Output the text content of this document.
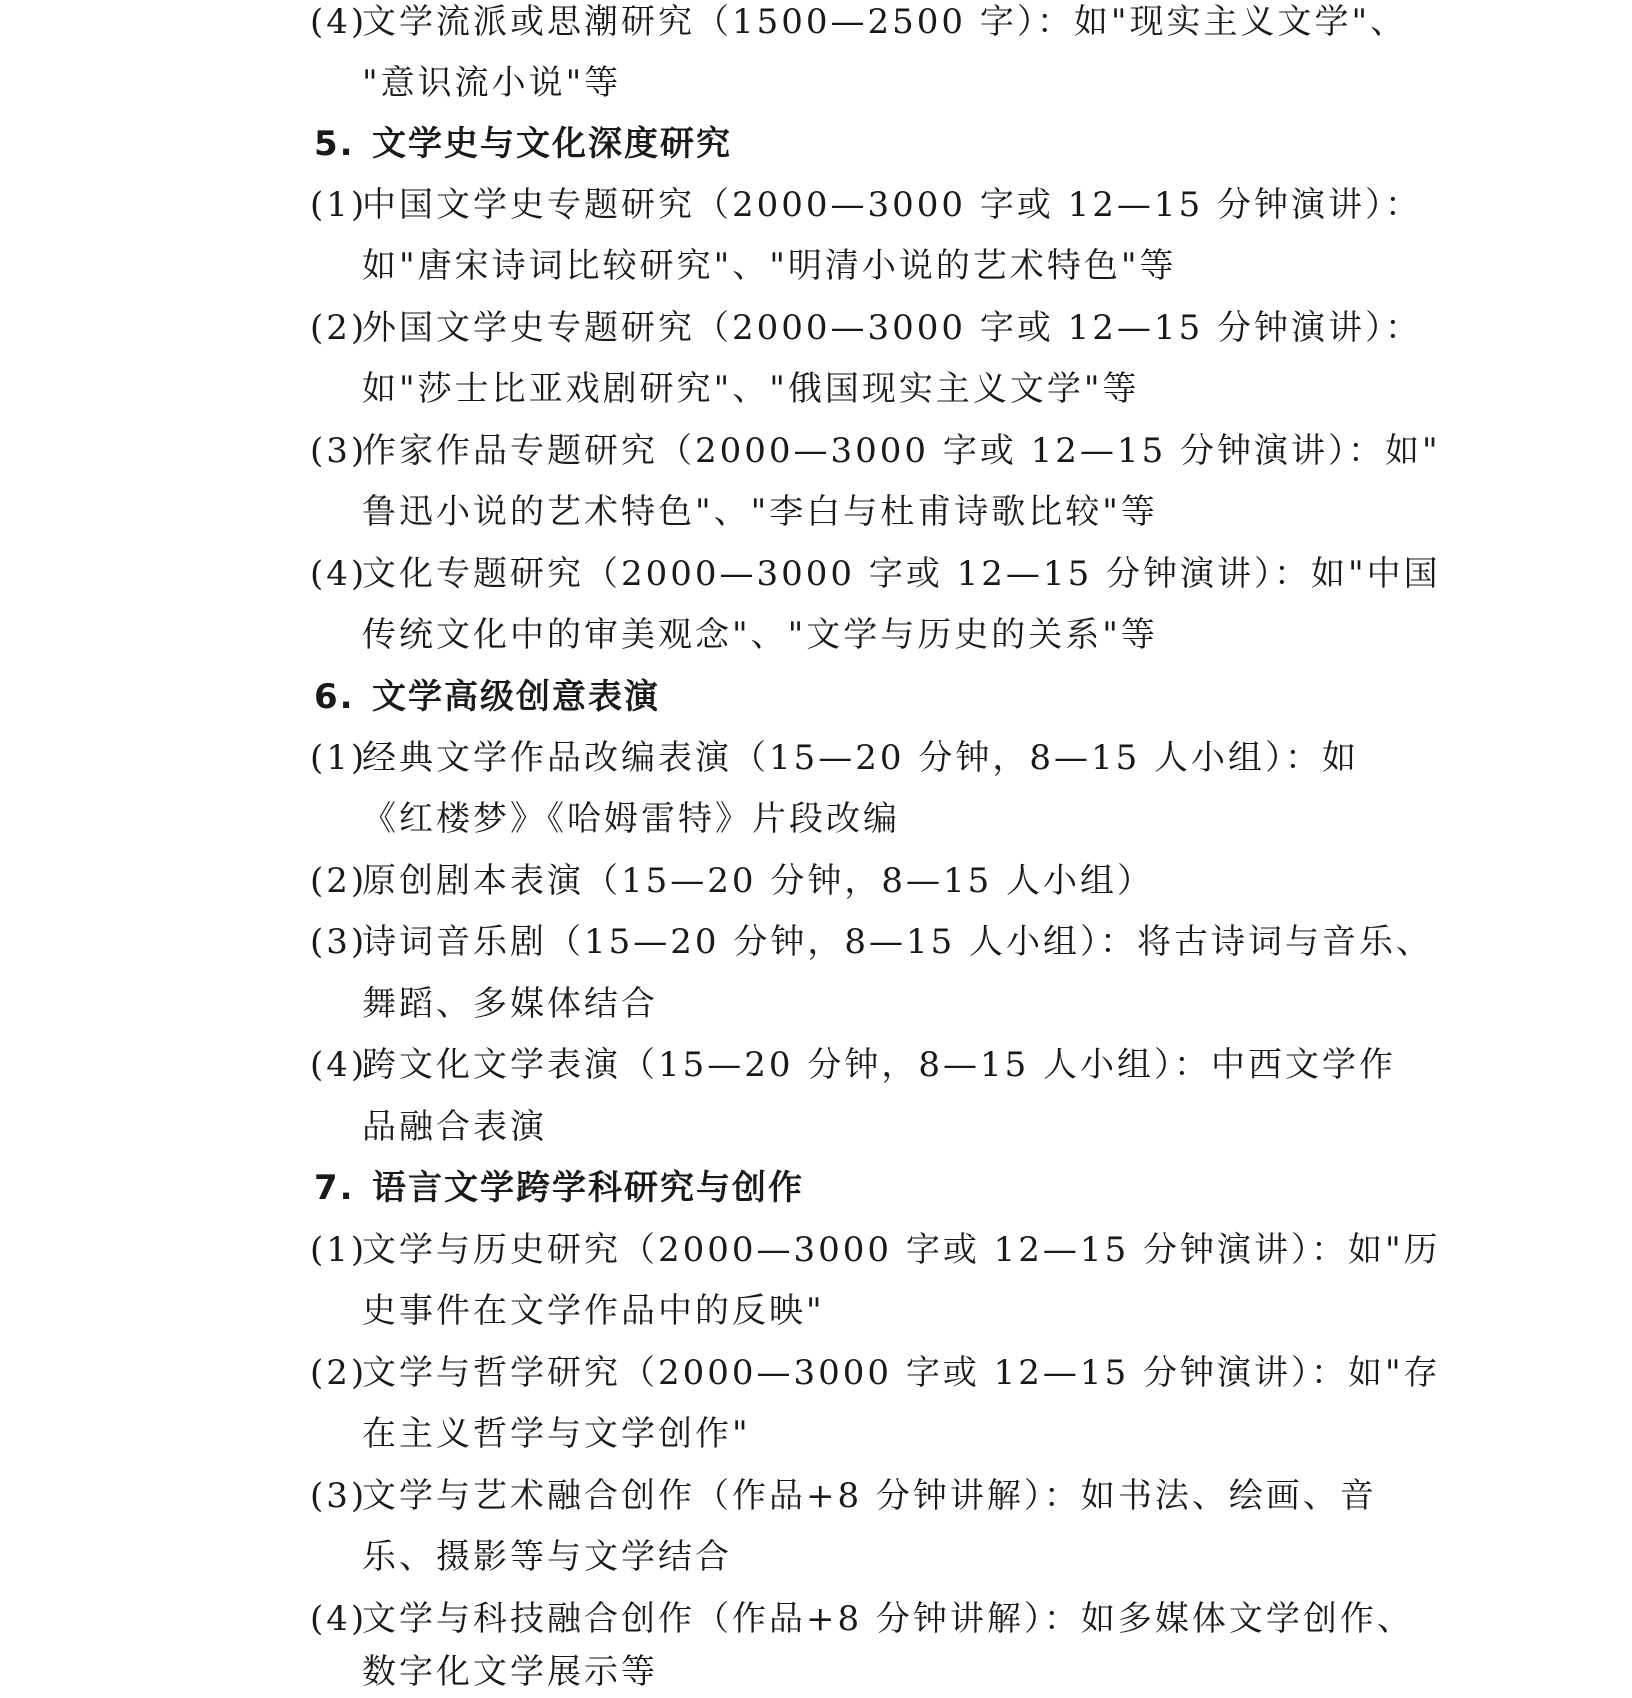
(4)
文学流派或思潮研究（1500—2500 字）：如"现实主义文学"、
"意识流小说"等
5. 文学史与文化深度研究
(1)
中国文学史专题研究（2000—3000 字或 12—15 分钟演讲）：
如"唐宋诗词比较研究"、"明清小说的艺术特色"等
(2)
外国文学史专题研究（2000—3000 字或 12—15 分钟演讲）：
如"莎士比亚戏剧研究"、"俄国现实主义文学"等
(3)
作家作品专题研究（2000—3000 字或 12—15 分钟演讲）：如"
鲁迅小说的艺术特色"、"李白与杜甫诗歌比较"等
(4)
文化专题研究（2000—3000 字或 12—15 分钟演讲）：如"中国
传统文化中的审美观念"、"文学与历史的关系"等
6. 文学高级创意表演
(1)
经典文学作品改编表演（15—20 分钟，8—15 人小组）：如
《红楼梦》《哈姆雷特》片段改编
(2)
原创剧本表演（15—20 分钟，8—15 人小组）
(3)
诗词音乐剧（15—20 分钟，8—15 人小组）：将古诗词与音乐、
舞蹈、多媒体结合
(4)
跨文化文学表演（15—20 分钟，8—15 人小组）：中西文学作
品融合表演
7. 语言文学跨学科研究与创作
(1)
文学与历史研究（2000—3000 字或 12—15 分钟演讲）：如"历
史事件在文学作品中的反映"
(2)
文学与哲学研究（2000—3000 字或 12—15 分钟演讲）：如"存
在主义哲学与文学创作"
(3)
文学与艺术融合创作（作品+8 分钟讲解）：如书法、绘画、音
乐、摄影等与文学结合
(4)
文学与科技融合创作（作品+8 分钟讲解）：如多媒体文学创作、
数字化文学展示等
